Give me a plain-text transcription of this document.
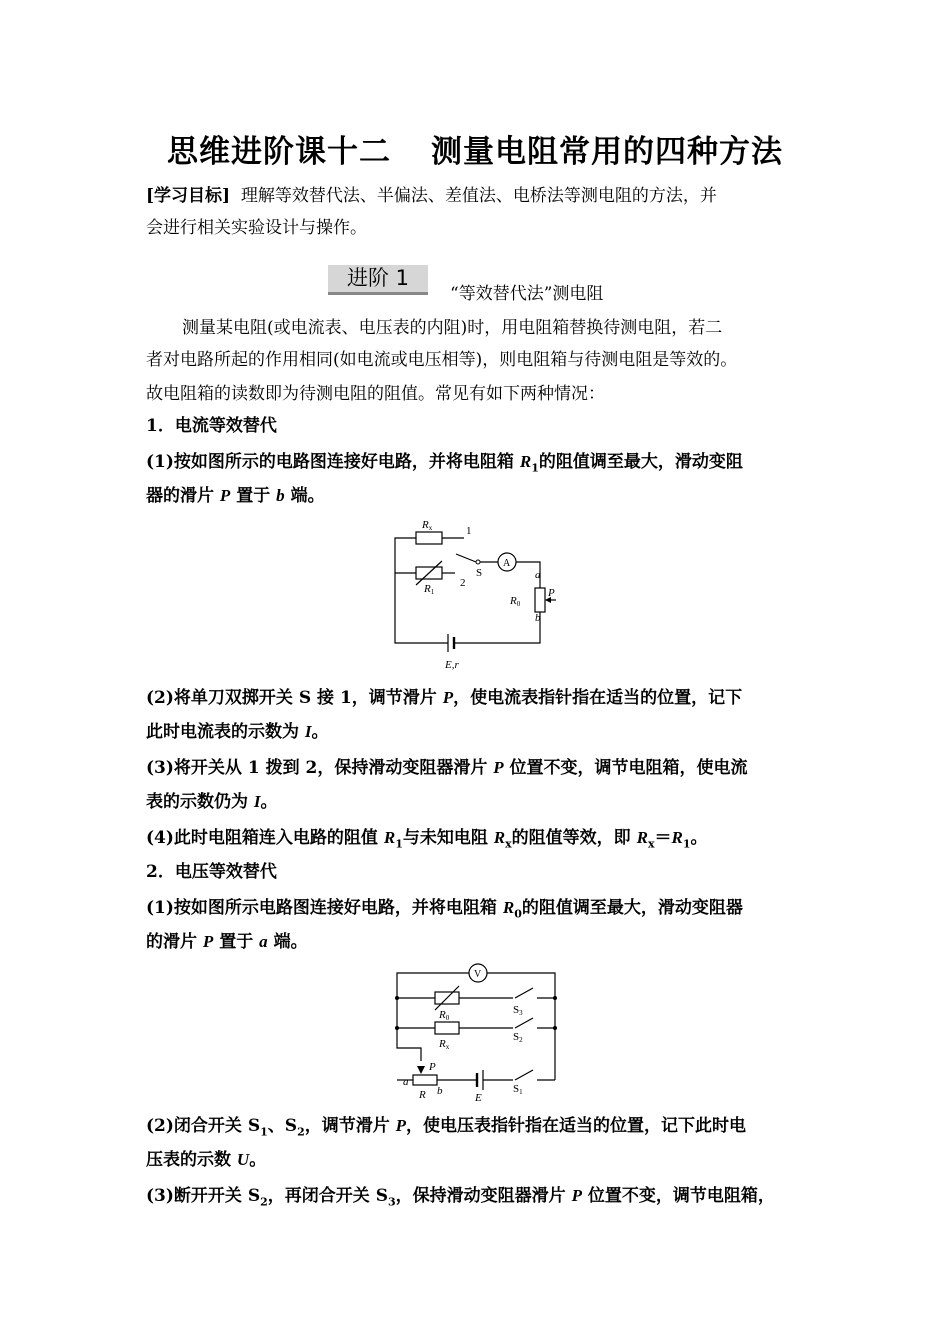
思维进阶课十二 测量电阻常用的四种方法
[学习目标] 理解等效替代法、半偏法、差值法、电桥法等测电阻的方法，并
会进行相关实验设计与操作。
进阶 1
“等效替代法”测电阻
测量某电阻(或电流表、电压表的内阻)时，用电阻箱替换待测电阻，若二
者对电路所起的作用相同(如电流或电压相等)，则电阻箱与待测电阻是等效的。
故电阻箱的读数即为待测电阻的阻值。常见有如下两种情况：
1．电流等效替代
(1)按如图所示的电路图连接好电路，并将电阻箱 $R_1$的阻值调至最大，滑动变阻
器的滑片 P 置于 b 端。
Rx
R1
a
b
P
R0
E,r
1
2
S
A
(2)将单刀双掷开关 S 接 1，调节滑片 P，使电流表指针指在适当的位置，记下
此时电流表的示数为 I。
(3)将开关从 1 拨到 2，保持滑动变阻器滑片 P 位置不变，调节电阻箱，使电流
表的示数仍为 I。
(4)此时电阻箱连入电路的阻值 $R_1$与未知电阻 $R_x$的阻值等效，即 $R_x=R_1$。
2．电压等效替代
(1)按如图所示电路图连接好电路，并将电阻箱 $R_0$的阻值调至最大，滑动变阻器
的滑片 P 置于 a 端。
R0
Rx
P
a
R b
E
V
S3
S2
S1
(2)闭合开关 $S_1$、$S_2$，调节滑片 P，使电压表指针指在适当的位置，记下此时电
压表的示数 U。
(3)断开开关 $S_2$，再闭合开关 $S_3$，保持滑动变阻器滑片 P 位置不变，调节电阻箱，
